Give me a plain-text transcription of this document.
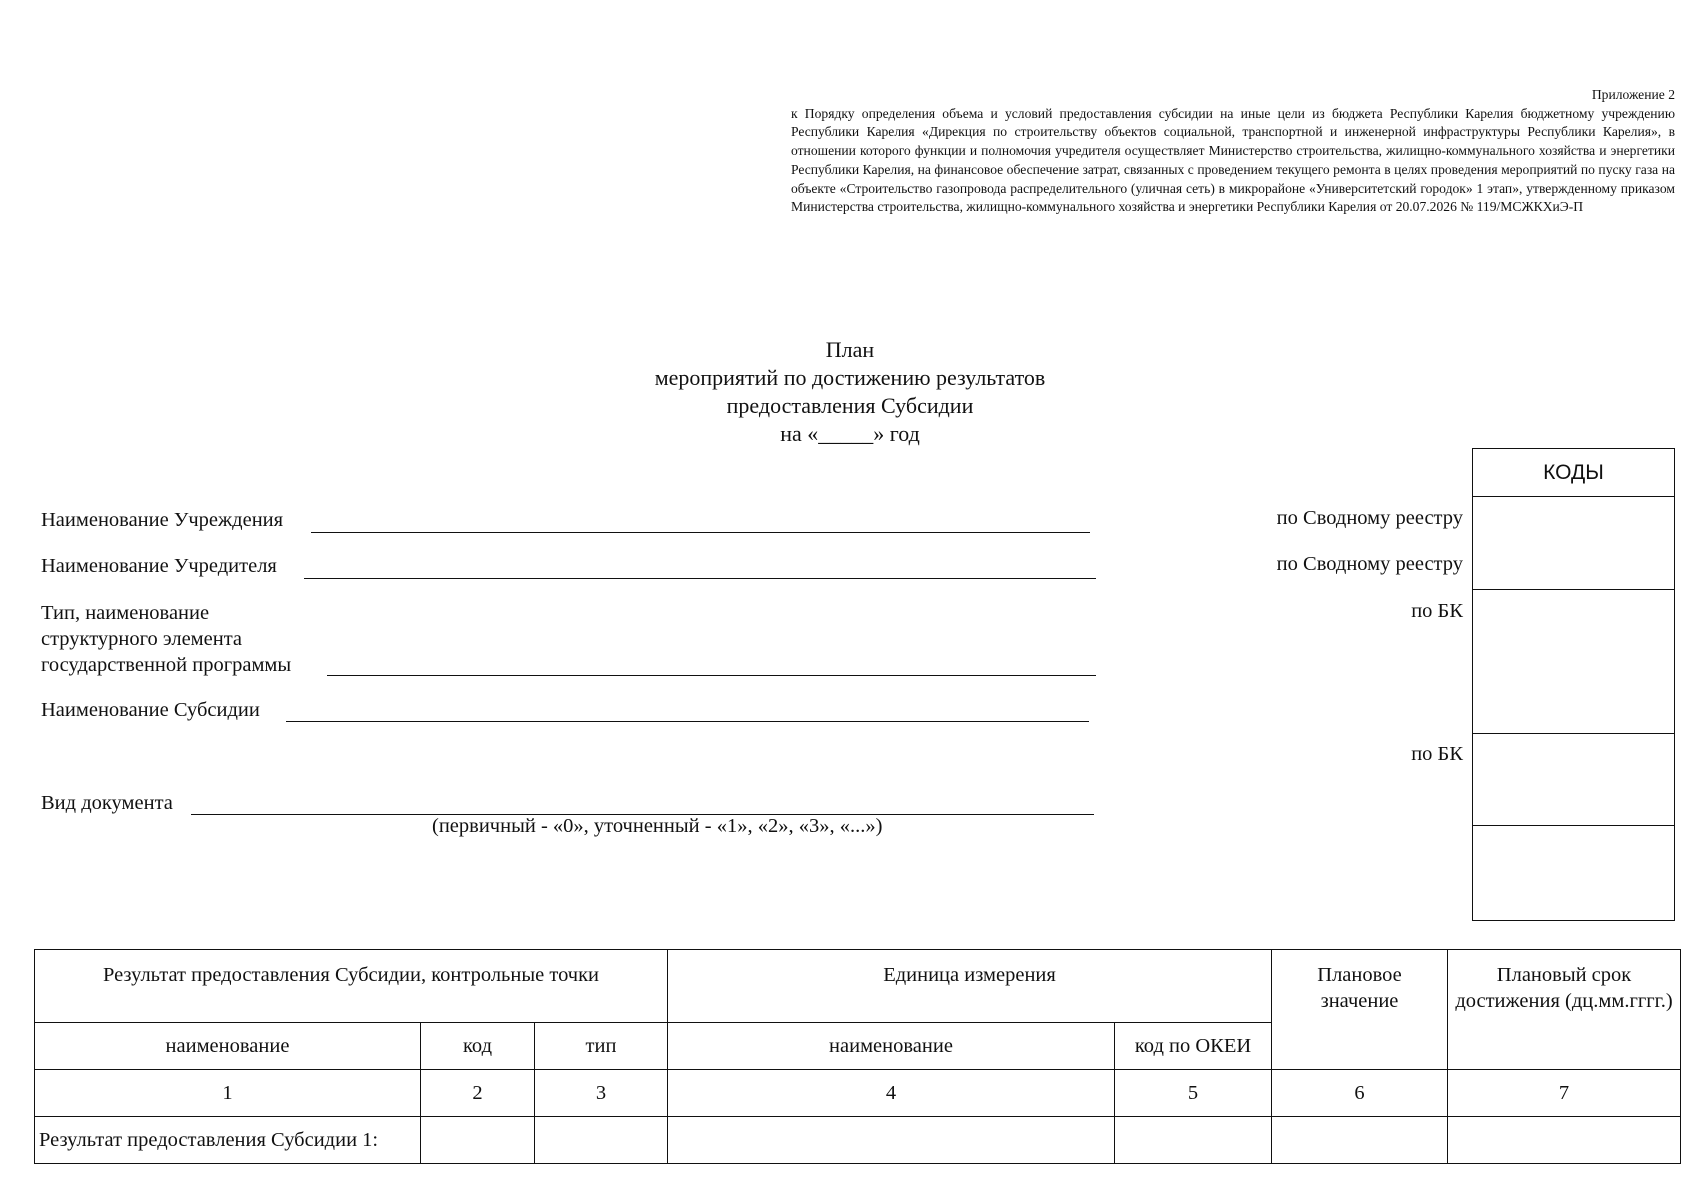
Приложение 2
к Порядку определения объема и условий предоставления субсидии на иные цели из бюджета Республики Карелия бюджетному учреждению Республики Карелия «Дирекция по строительству объектов социальной, транспортной и инженерной инфраструктуры Республики Карелия», в отношении которого функции и полномочия учредителя осуществляет Министерство строительства, жилищно-коммунального хозяйства и энергетики Республики Карелия, на финансовое обеспечение затрат, связанных с проведением текущего ремонта в целях проведения мероприятий по пуску газа на объекте «Строительство газопровода распределительного (уличная сеть) в микрорайоне «Университетский городок» 1 этап», утвержденному приказом Министерства строительства, жилищно-коммунального хозяйства и энергетики Республики Карелия от 20.07.2026 № 119/МСЖКХиЭ-П
План
мероприятий по достижению результатов
предоставления Субсидии
на «_____» год
Наименование Учреждения
Наименование Учредителя
Тип, наименование
структурного элемента
государственной программы
Наименование Субсидии
Вид документа
(первичный - «0», уточненный - «1», «2», «3», «...»)
по Сводному реестру
по Сводному реестру
по БК
по БК
КОДЫ
Результат предоставления Субсидии, контрольные точки			Единица измерения		Плановое значение	Плановый срок достижения (дц.мм.гггг.)
наименование	код	тип	наименование	код по ОКЕИ		
1	2	3	4	5	6	7
Результат предоставления Субсидии 1:						
